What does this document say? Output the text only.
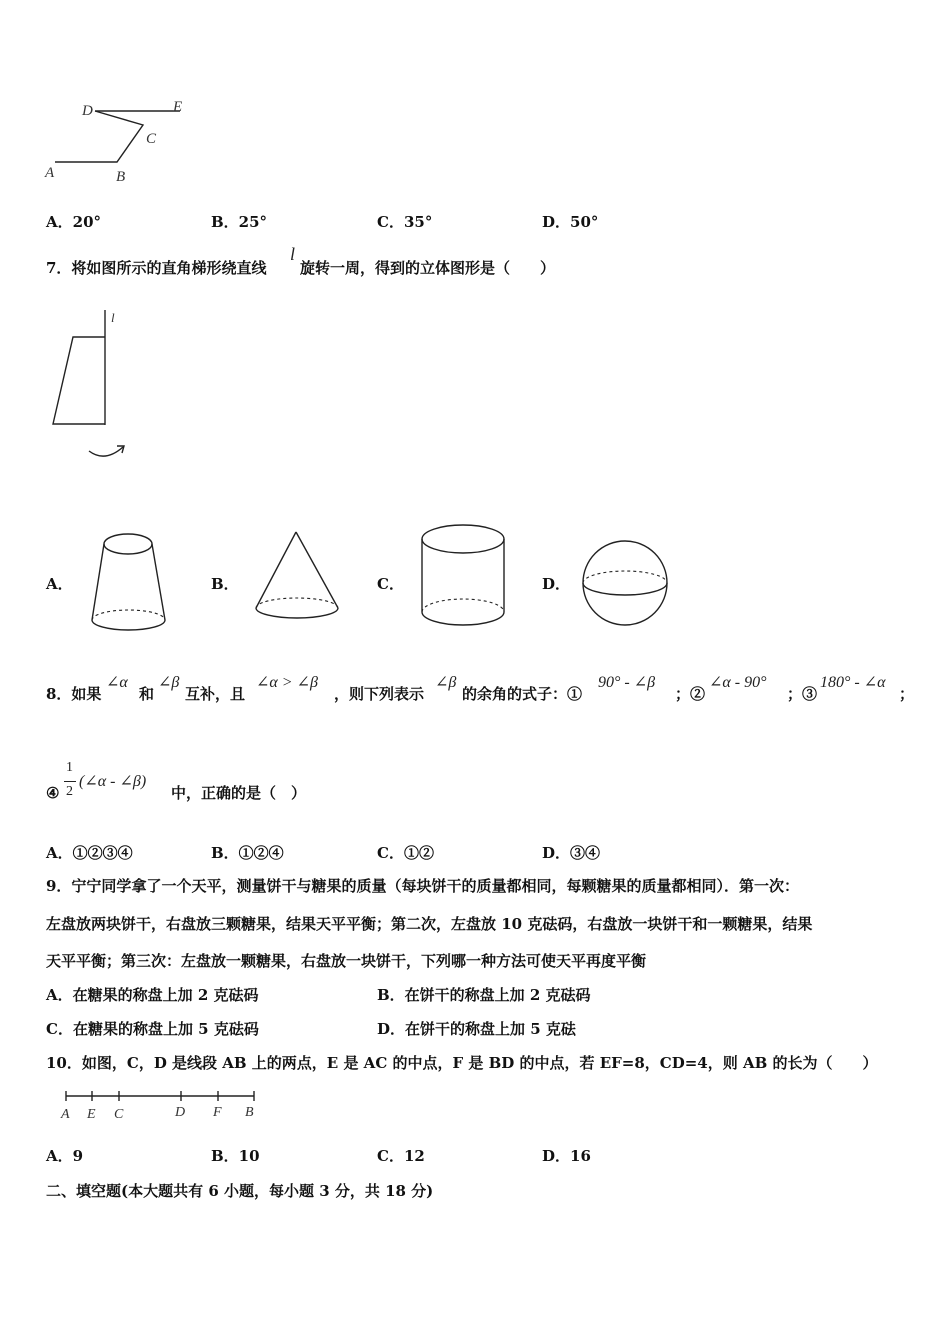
D	E
C
A	B
A．20°	B．25°	C．35°	D．50°
7．将如图所示的直角梯形绕直线
l
旋转一周，得到的立体图形是（　　）
l
A．	B．	C．	D．
8．如果
∠α
和
∠β
互补，且
∠α > ∠β
，则下列表示
∠β
的余角的式子：①
90° - ∠β
；②
∠α - 90°
；③
180° - ∠α
；
④
1
2
(∠α - ∠β)
中，正确的是（　）
A．①②③④	B．①②④	C．①②	D．③④
9．宁宁同学拿了一个天平，测量饼干与糖果的质量（每块饼干的质量都相同，每颗糖果的质量都相同）．第一次：
左盘放两块饼干，右盘放三颗糖果，结果天平平衡；第二次，左盘放 10 克砝码，右盘放一块饼干和一颗糖果，结果
天平平衡；第三次：左盘放一颗糖果，右盘放一块饼干，下列哪一种方法可使天平再度平衡
A．在糖果的称盘上加 2 克砝码	B．在饼干的称盘上加 2 克砝码
C．在糖果的称盘上加 5 克砝码	D．在饼干的称盘上加 5 克砝
10．如图，C，D 是线段 AB 上的两点，E 是 AC 的中点，F 是 BD 的中点，若 EF=8，CD=4，则 AB 的长为（　　）
A E C	D F B
A．9	B．10	C．12	D．16
二、填空题(本大题共有 6 小题，每小题 3 分，共 18 分)
